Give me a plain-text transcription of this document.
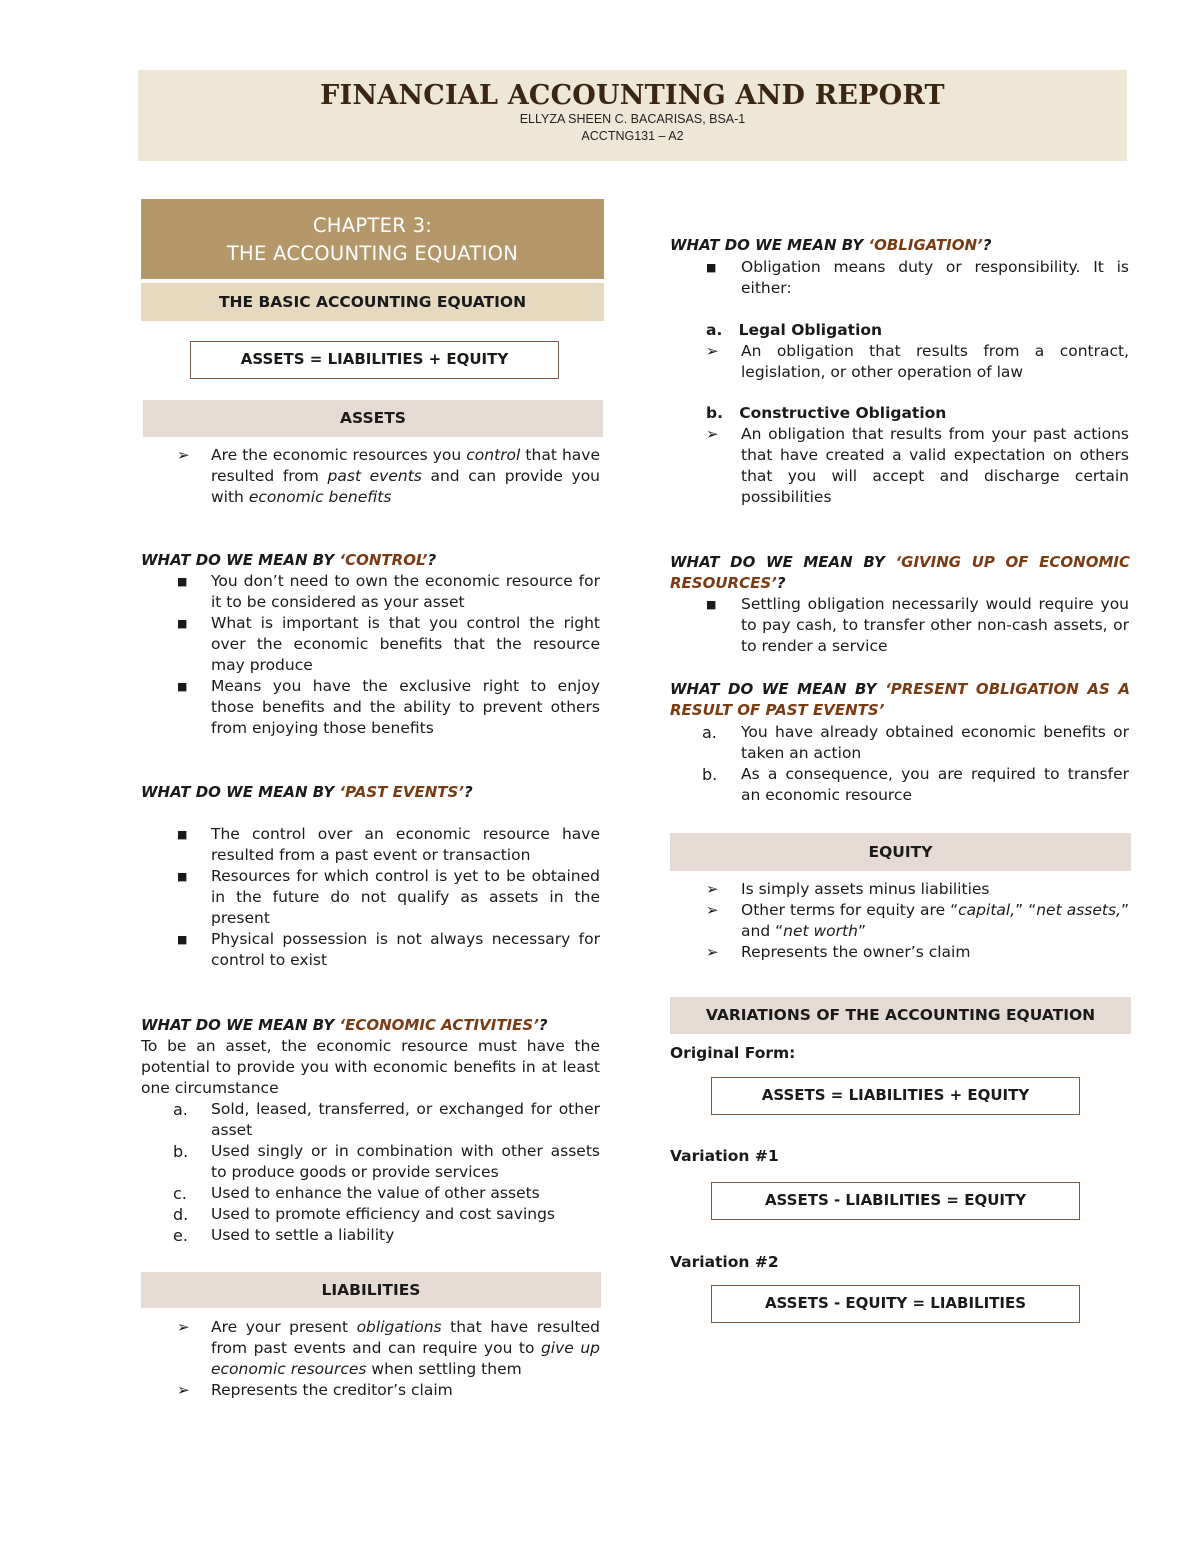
FINANCIAL ACCOUNTING AND REPORT
ELLYZA SHEEN C. BACARISAS, BSA-1
ACCTNG131 – A2
CHAPTER 3:
THE ACCOUNTING EQUATION
THE BASIC ACCOUNTING EQUATION
ASSETS = LIABILITIES + EQUITY
ASSETS
➢ Are the economic resources you control that have resulted from past events and can provide you with economic benefits
WHAT DO WE MEAN BY ‘CONTROL’?
■ You don’t need to own the economic resource for it to be considered as your asset
■ What is important is that you control the right over the economic benefits that the resource may produce
■ Means you have the exclusive right to enjoy those benefits and the ability to prevent others from enjoying those benefits
WHAT DO WE MEAN BY ‘PAST EVENTS’?
■ The control over an economic resource have resulted from a past event or transaction
■ Resources for which control is yet to be obtained in the future do not qualify as assets in the present
■ Physical possession is not always necessary for control to exist
WHAT DO WE MEAN BY ‘ECONOMIC ACTIVITIES’?
To be an asset, the economic resource must have the potential to provide you with economic benefits in at least one circumstance
a. Sold, leased, transferred, or exchanged for other asset
b. Used singly or in combination with other assets to produce goods or provide services
c. Used to enhance the value of other assets
d. Used to promote efficiency and cost savings
e. Used to settle a liability
LIABILITIES
➢ Are your present obligations that have resulted from past events and can require you to give up economic resources when settling them
➢ Represents the creditor’s claim
WHAT DO WE MEAN BY ‘OBLIGATION’?
■ Obligation means duty or responsibility. It is either:
a. Legal Obligation
➢ An obligation that results from a contract, legislation, or other operation of law
b. Constructive Obligation
➢ An obligation that results from your past actions that have created a valid expectation on others that you will accept and discharge certain possibilities
WHAT DO WE MEAN BY ‘GIVING UP OF ECONOMIC RESOURCES’?
■ Settling obligation necessarily would require you to pay cash, to transfer other non-cash assets, or to render a service
WHAT DO WE MEAN BY ‘PRESENT OBLIGATION AS A RESULT OF PAST EVENTS’
a. You have already obtained economic benefits or taken an action
b. As a consequence, you are required to transfer an economic resource
EQUITY
➢ Is simply assets minus liabilities
➢ Other terms for equity are “capital,” “net assets,” and “net worth”
➢ Represents the owner’s claim
VARIATIONS OF THE ACCOUNTING EQUATION
Original Form:
ASSETS = LIABILITIES + EQUITY
Variation #1
ASSETS - LIABILITIES = EQUITY
Variation #2
ASSETS - EQUITY = LIABILITIES
